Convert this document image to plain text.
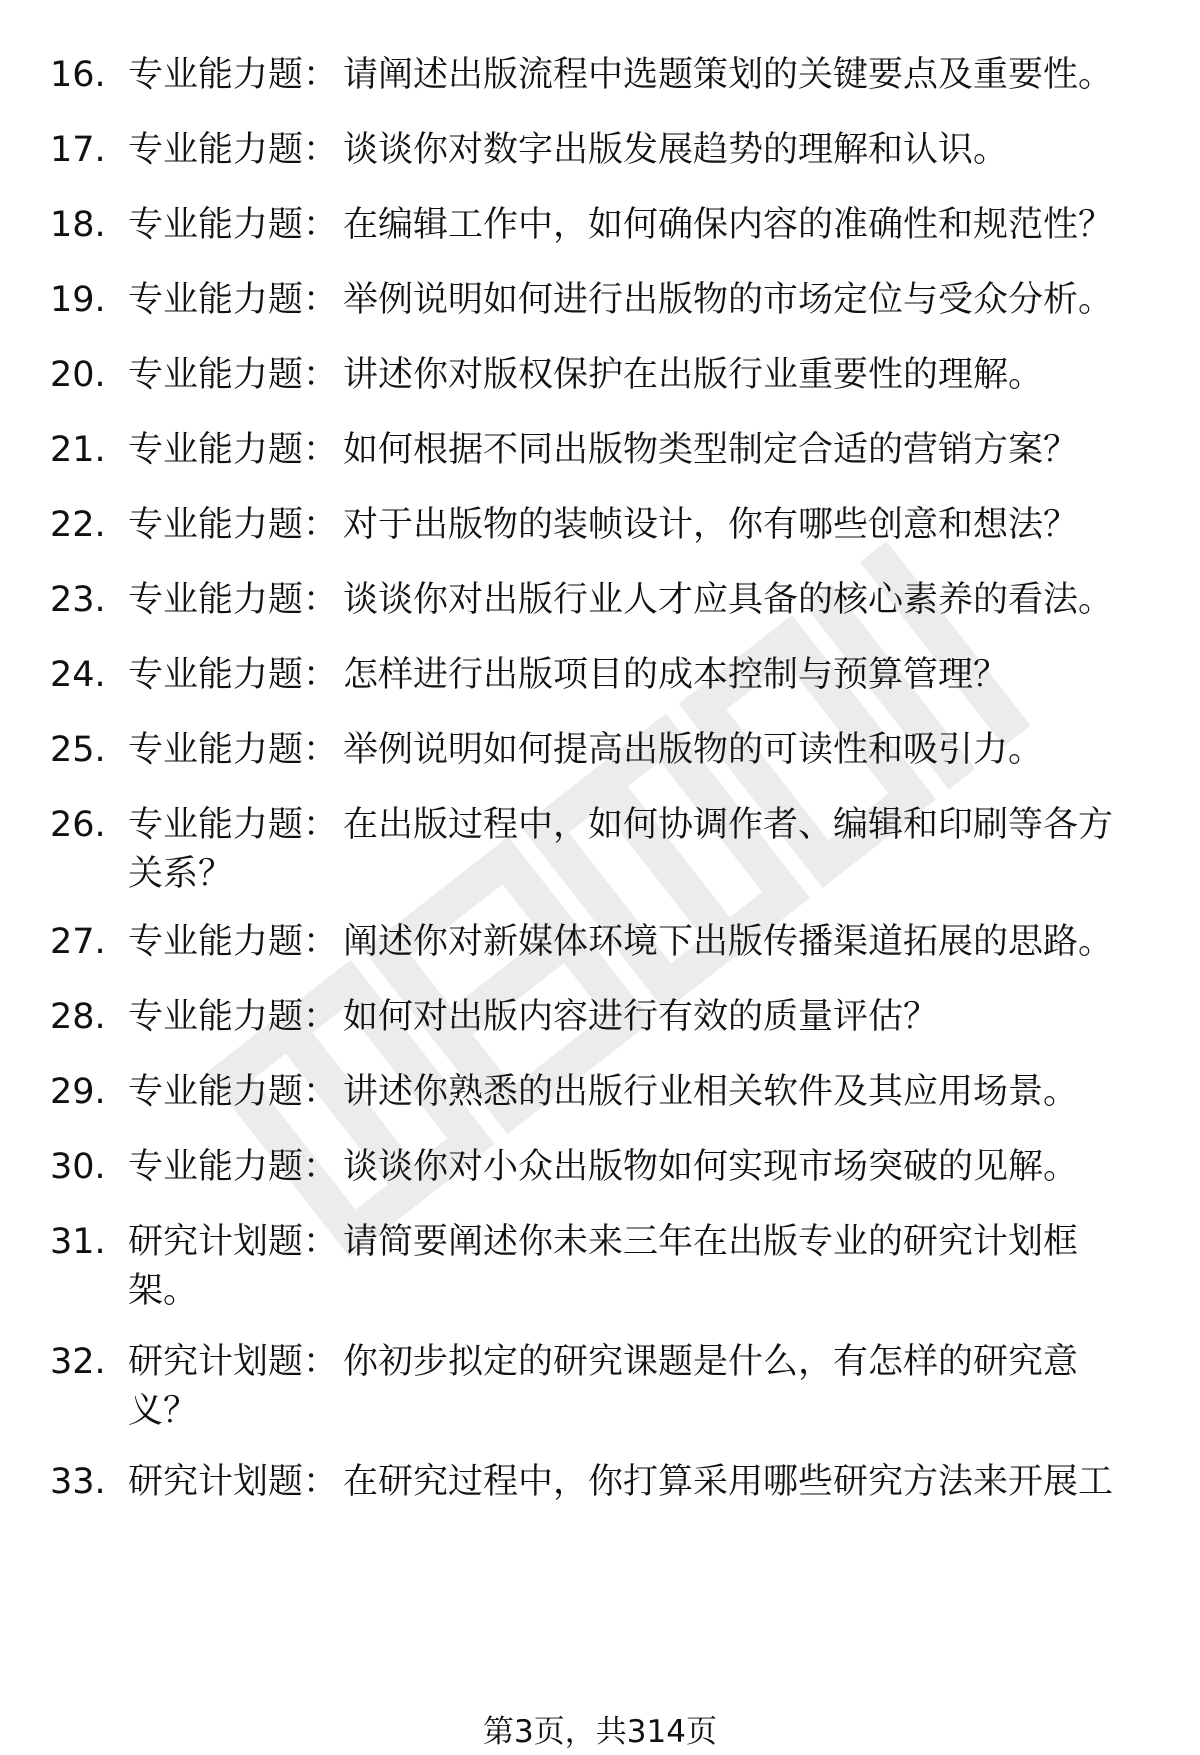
16. 专业能力题： 请阐述出版流程中选题策划的关键要点及重要性。
17. 专业能力题： 谈谈你对数字出版发展趋势的理解和认识。
18. 专业能力题： 在编辑工作中，如何确保内容的准确性和规范性？
19. 专业能力题： 举例说明如何进行出版物的市场定位与受众分析。
20. 专业能力题： 讲述你对版权保护在出版行业重要性的理解。
21. 专业能力题： 如何根据不同出版物类型制定合适的营销方案？
22. 专业能力题： 对于出版物的装帧设计，你有哪些创意和想法？
23. 专业能力题： 谈谈你对出版行业人才应具备的核心素养的看法。
24. 专业能力题： 怎样进行出版项目的成本控制与预算管理？
25. 专业能力题： 举例说明如何提高出版物的可读性和吸引力。
26. 专业能力题： 在出版过程中，如何协调作者、编辑和印刷等各方
关系？
27. 专业能力题： 阐述你对新媒体环境下出版传播渠道拓展的思路。
28. 专业能力题： 如何对出版内容进行有效的质量评估？
29. 专业能力题： 讲述你熟悉的出版行业相关软件及其应用场景。
30. 专业能力题： 谈谈你对小众出版物如何实现市场突破的见解。
31. 研究计划题： 请简要阐述你未来三年在出版专业的研究计划框
架。
32. 研究计划题： 你初步拟定的研究课题是什么，有怎样的研究意
义？
33. 研究计划题： 在研究过程中，你打算采用哪些研究方法来开展工
第3页，共314页
